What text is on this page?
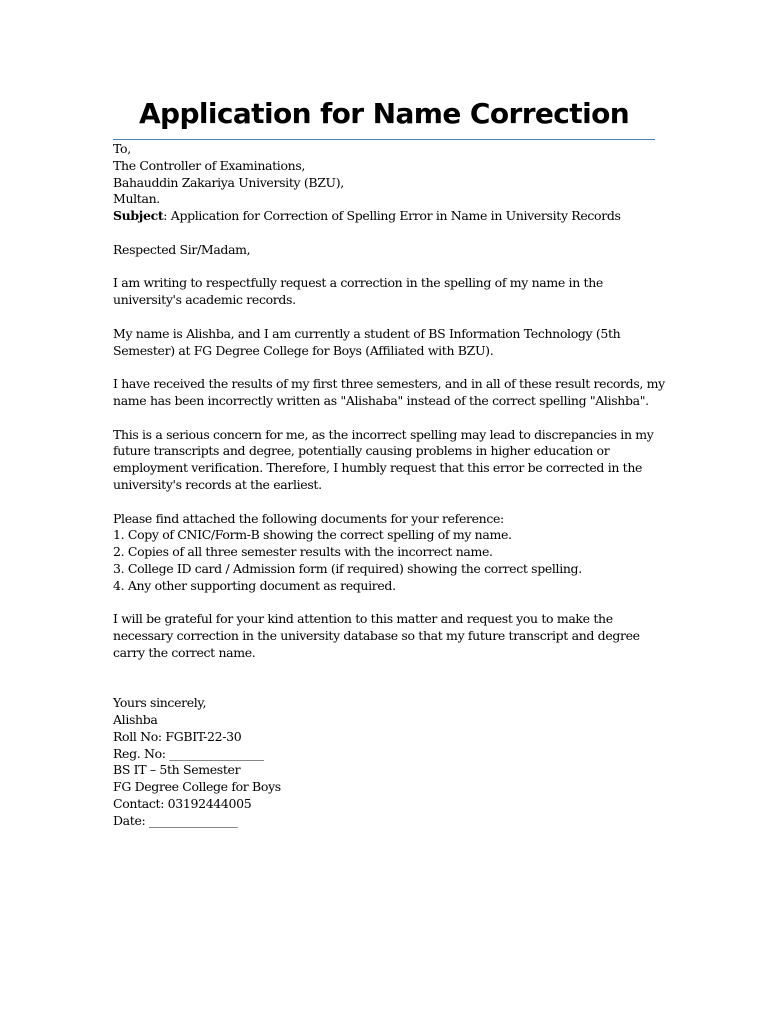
Application for Name Correction
To,
The Controller of Examinations,
Bahauddin Zakariya University (BZU),
Multan.
Subject: Application for Correction of Spelling Error in Name in University Records
Respected Sir/Madam,
I am writing to respectfully request a correction in the spelling of my name in the
university's academic records.
My name is Alishba, and I am currently a student of BS Information Technology (5th
Semester) at FG Degree College for Boys (Affiliated with BZU).
I have received the results of my first three semesters, and in all of these result records, my
name has been incorrectly written as "Alishaba" instead of the correct spelling "Alishba".
This is a serious concern for me, as the incorrect spelling may lead to discrepancies in my
future transcripts and degree, potentially causing problems in higher education or
employment verification. Therefore, I humbly request that this error be corrected in the
university's records at the earliest.
Please find attached the following documents for your reference:
1. Copy of CNIC/Form-B showing the correct spelling of my name.
2. Copies of all three semester results with the incorrect name.
3. College ID card / Admission form (if required) showing the correct spelling.
4. Any other supporting document as required.
I will be grateful for your kind attention to this matter and request you to make the
necessary correction in the university database so that my future transcript and degree
carry the correct name.
Yours sincerely,
Alishba
Roll No: FGBIT-22-30
Reg. No: ________________
BS IT – 5th Semester
FG Degree College for Boys
Contact: 03192444005
Date: _______________
